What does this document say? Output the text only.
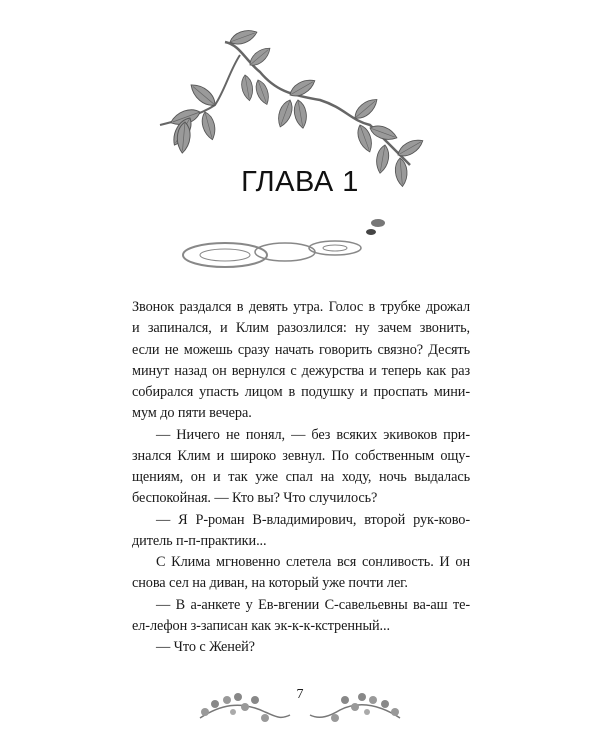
ГЛАВА 1
Звонок раздался в девять утра. Голос в трубке дрожал
и запинался, и Клим разозлился: ну зачем звонить,
если не можешь сразу начать говорить связно? Десять
минут назад он вернулся с дежурства и теперь как раз
собирался упасть лицом в подушку и проспать мини-
мум до пяти вечера.
— Ничего не понял, — без всяких экивоков при-
знался Клим и широко зевнул. По собственным ощу-
щениям, он и так уже спал на ходу, ночь выдалась
беспокойная. — Кто вы? Что случилось?
— Я Р-роман В-владимирович, второй рук-ково-
дитель п-п-практики...
С Клима мгновенно слетела вся сонливость. И он
снова сел на диван, на который уже почти лег.
— В а-анкете у Ев-вгении С-савельевны ва-аш те-
ел-лефон з-записан как эк-к-к-кстренный...
— Что с Женей?
7
